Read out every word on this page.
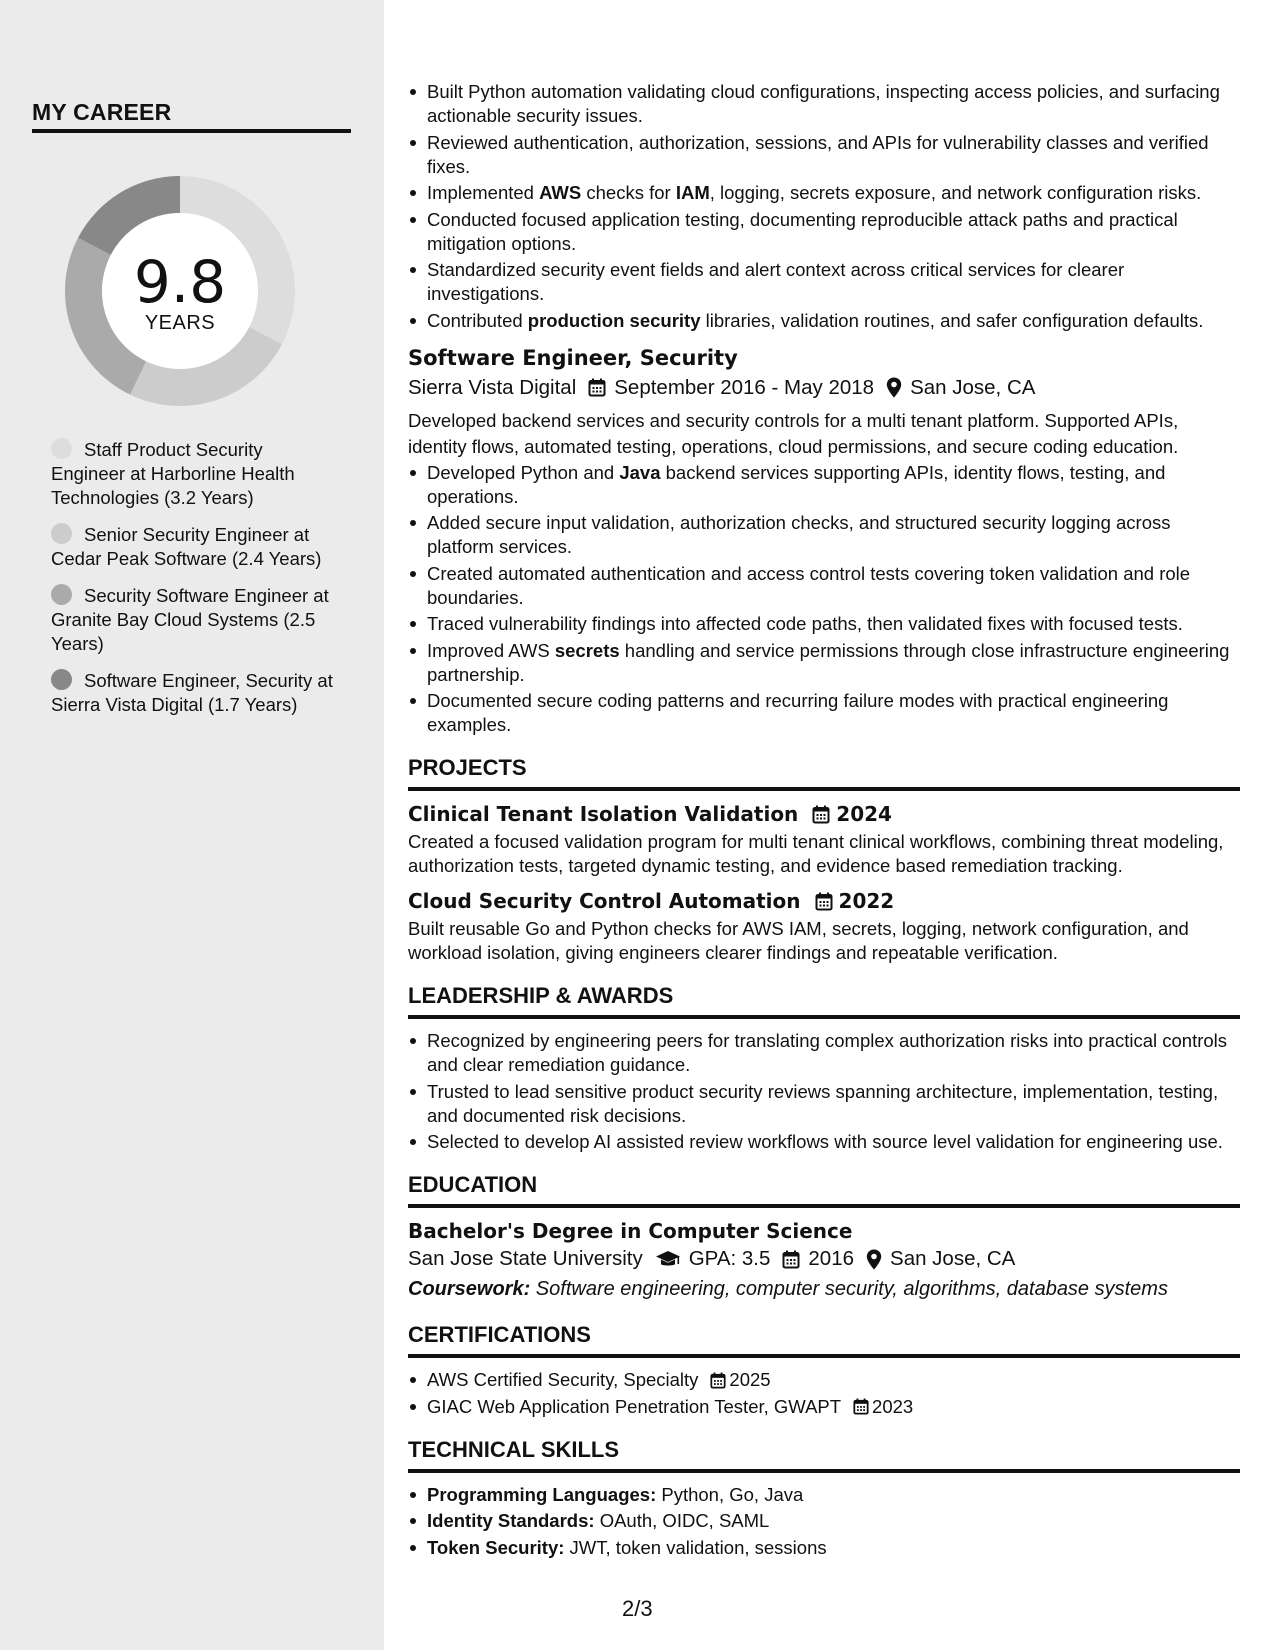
MY CAREER
9.8
YEARS
Staff Product Security Engineer at Harborline Health Technologies (3.2 Years)
Senior Security Engineer at Cedar Peak Software (2.4 Years)
Security Software Engineer at Granite Bay Cloud Systems (2.5 Years)
Software Engineer, Security at Sierra Vista Digital (1.7 Years)
Built Python automation validating cloud configurations, inspecting access policies, and surfacing actionable security issues.
Reviewed authentication, authorization, sessions, and APIs for vulnerability classes and verified fixes.
Implemented AWS checks for IAM, logging, secrets exposure, and network configuration risks.
Conducted focused application testing, documenting reproducible attack paths and practical mitigation options.
Standardized security event fields and alert context across critical services for clearer investigations.
Contributed production security libraries, validation routines, and safer configuration defaults.
Software Engineer, Security
Sierra Vista Digital September 2016 - May 2018 San Jose, CA
Developed backend services and security controls for a multi tenant platform. Supported APIs, identity flows, automated testing, operations, cloud permissions, and secure coding education.
Developed Python and Java backend services supporting APIs, identity flows, testing, and operations.
Added secure input validation, authorization checks, and structured security logging across platform services.
Created automated authentication and access control tests covering token validation and role boundaries.
Traced vulnerability findings into affected code paths, then validated fixes with focused tests.
Improved AWS secrets handling and service permissions through close infrastructure engineering partnership.
Documented secure coding patterns and recurring failure modes with practical engineering examples.
PROJECTS
Clinical Tenant Isolation Validation 2024
Created a focused validation program for multi tenant clinical workflows, combining threat modeling, authorization tests, targeted dynamic testing, and evidence based remediation tracking.
Cloud Security Control Automation 2022
Built reusable Go and Python checks for AWS IAM, secrets, logging, network configuration, and workload isolation, giving engineers clearer findings and repeatable verification.
LEADERSHIP & AWARDS
Recognized by engineering peers for translating complex authorization risks into practical controls and clear remediation guidance.
Trusted to lead sensitive product security reviews spanning architecture, implementation, testing, and documented risk decisions.
Selected to develop AI assisted review workflows with source level validation for engineering use.
EDUCATION
Bachelor's Degree in Computer Science
San Jose State University GPA: 3.5 2016 San Jose, CA
Coursework: Software engineering, computer security, algorithms, database systems
CERTIFICATIONS
AWS Certified Security, Specialty 2025
GIAC Web Application Penetration Tester, GWAPT 2023
TECHNICAL SKILLS
Programming Languages: Python, Go, Java
Identity Standards: OAuth, OIDC, SAML
Token Security: JWT, token validation, sessions
2/3
